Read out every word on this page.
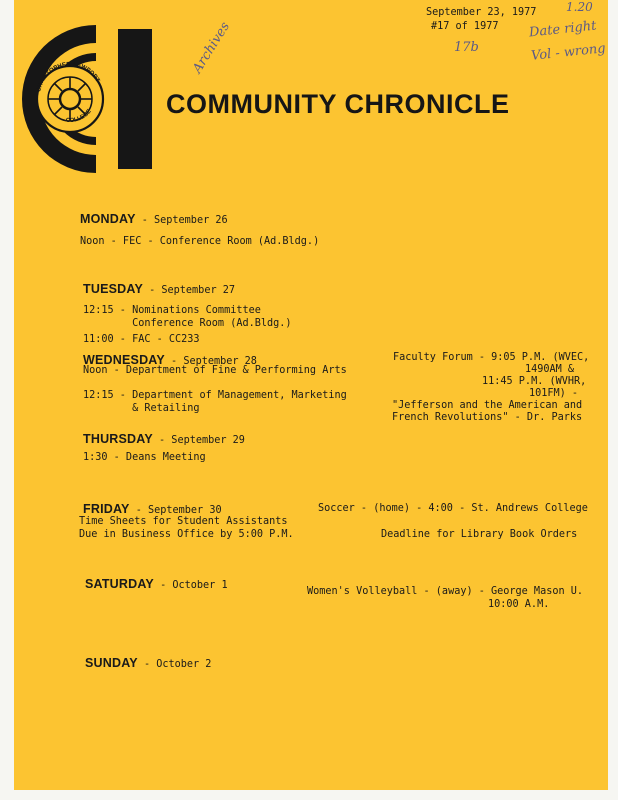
CHRISTOPHER NEWPORT
COLLEGE	COMMUNITY CHRONICLE
September 23, 1977
#17 of 1977
Archives
1.20
17b
Date right
Vol - wrong
MONDAY - September 26
Noon - FEC - Conference Room (Ad.Bldg.)
TUESDAY - September 27
12:15 - Nominations Committee
Conference Room (Ad.Bldg.)
11:00 - FAC - CC233
WEDNESDAY - September 28
Noon - Department of Fine & Performing Arts
12:15 - Department of Management, Marketing
& Retailing
Faculty Forum - 9:05 P.M. (WVEC,
1490AM &
11:45 P.M. (WVHR,
101FM) -
"Jefferson and the American and
French Revolutions" - Dr. Parks
THURSDAY - September 29
1:30 - Deans Meeting
FRIDAY - September 30
Time Sheets for Student Assistants
Due in Business Office by 5:00 P.M.
Soccer - (home) - 4:00 - St. Andrews College
Deadline for Library Book Orders
SATURDAY - October 1
Women's Volleyball - (away) - George Mason U.
10:00 A.M.
SUNDAY - October 2
